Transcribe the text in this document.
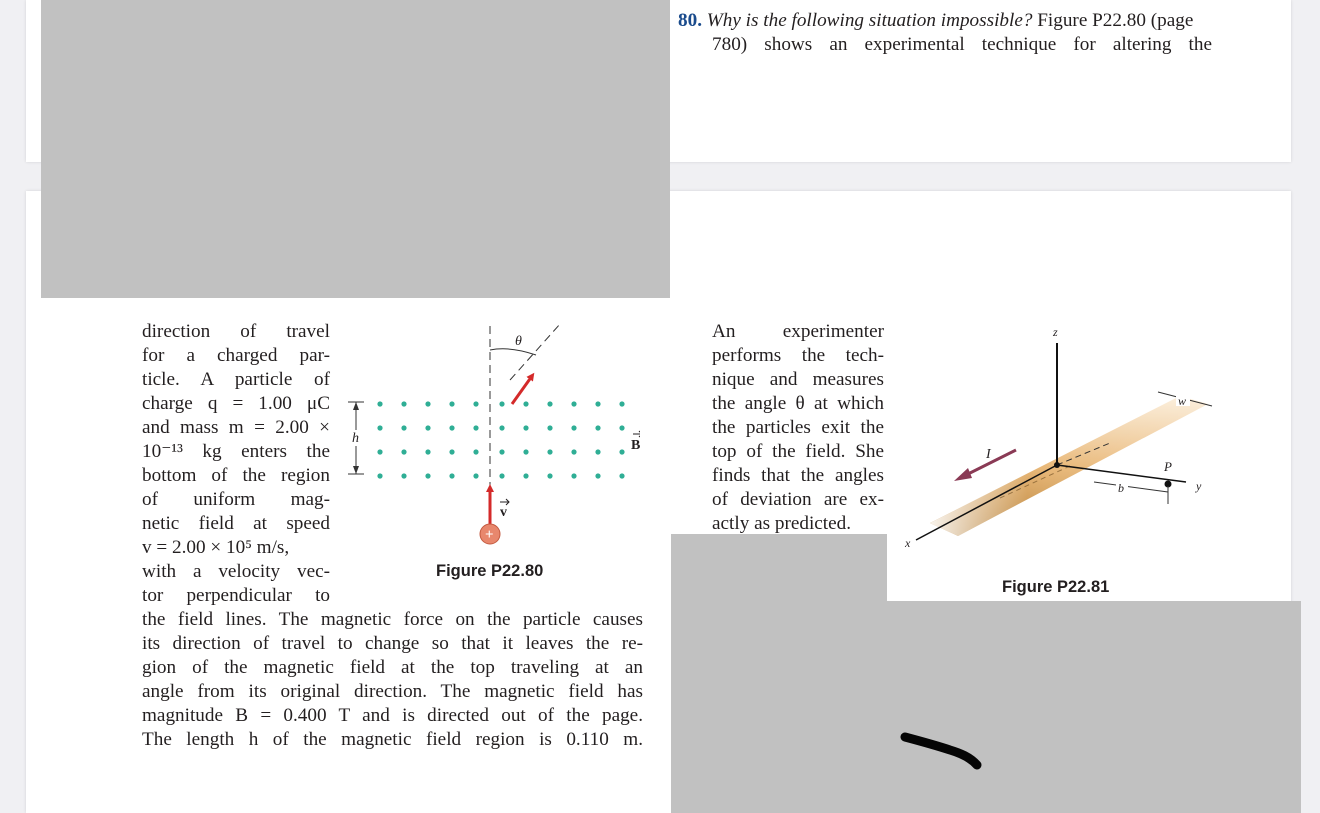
80. Why is the following situation impossible? Figure P22.80 (page
780) shows an experimental technique for altering the
direction of travel
for a charged par-
ticle. A particle of
charge q = 1.00 μC
and mass m = 2.00 ×
10⁻¹³ kg enters the
bottom of the region
of uniform mag-
netic field at speed
v = 2.00 × 10⁵ m/s,
with a velocity vec-
tor perpendicular to
the field lines. The magnetic force on the particle causes
its direction of travel to change so that it leaves the re-
gion of the magnetic field at the top traveling at an
angle from its original direction. The magnetic field has
magnitude B = 0.400 T and is directed out of the page.
The length h of the magnetic field region is 0.110 m.
An experimenter
performs the tech-
nique and measures
the angle θ at which
the particles exit the
top of the field. She
finds that the angles
of deviation are ex-
actly as predicted.
θ
h	B
v
+
Figure P22.80
z
x
y
P
b
w
I
Figure P22.81
